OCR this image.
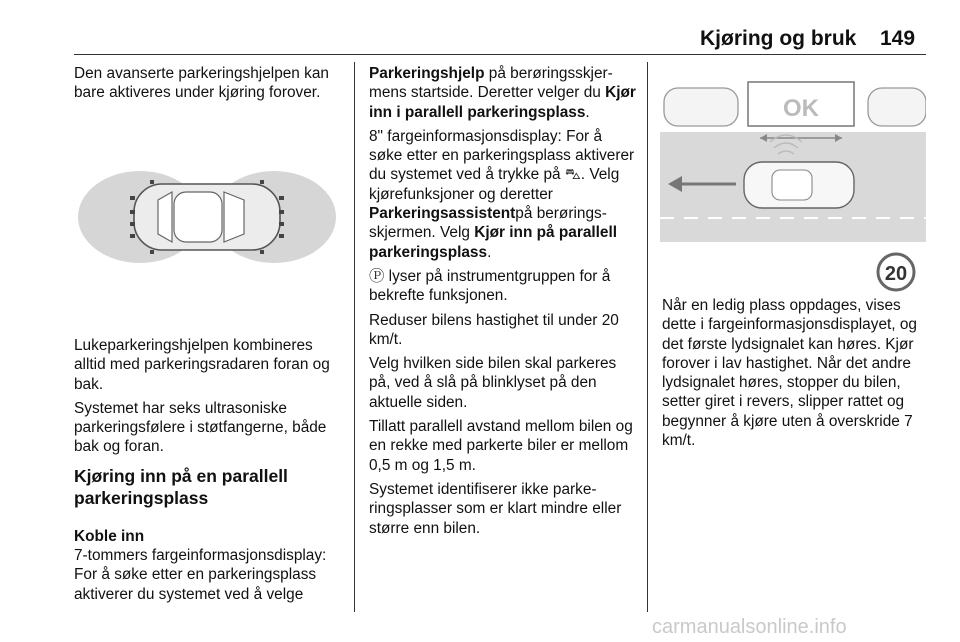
Kjøring og bruk 149

Den avanserte parkeringshjelpen kan bare aktiveres under kjøring forover.

Lukeparkeringshjelpen kombineres alltid med parkeringsradaren foran og bak.

Systemet har seks ultrasoniske parkeringsfølere i støtfangerne, både bak og foran.

Kjøring inn på en parallell parkeringsplass
Koble inn

7-tommers fargeinformasjonsdisplay: For å søke etter en parkeringsplass aktiverer du systemet ved å velge

Parkeringshjelp på berøringsskjermens startside. Deretter velger du Kjør inn i parallell parkeringsplass.

8" fargeinformasjonsdisplay: For å søke etter en parkeringsplass aktiverer du systemet ved å trykke på ⛍. Velg kjørefunksjoner og deretter Parkeringsassistentpå berøringsskjermen. Velg Kjør inn på parallell parkeringsplass.

Ⓟ lyser på instrumentgruppen for å bekrefte funksjonen.

Reduser bilens hastighet til under 20 km/t.

Velg hvilken side bilen skal parkeres på, ved å slå på blinklyset på den aktuelle siden.

Tillatt parallell avstand mellom bilen og en rekke med parkerte biler er mellom 0,5 m og 1,5 m.

Systemet identifiserer ikke parkeringsplasser som er klart mindre eller større enn bilen.

OK
20

Når en ledig plass oppdages, vises dette i fargeinformasjonsdisplayet, og det første lydsignalet kan høres. Kjør forover i lav hastighet. Når det andre lydsignalet høres, stopper du bilen, setter giret i revers, slipper rattet og begynner å kjøre uten å overskride 7 km/t.

carmanualsonline.info
